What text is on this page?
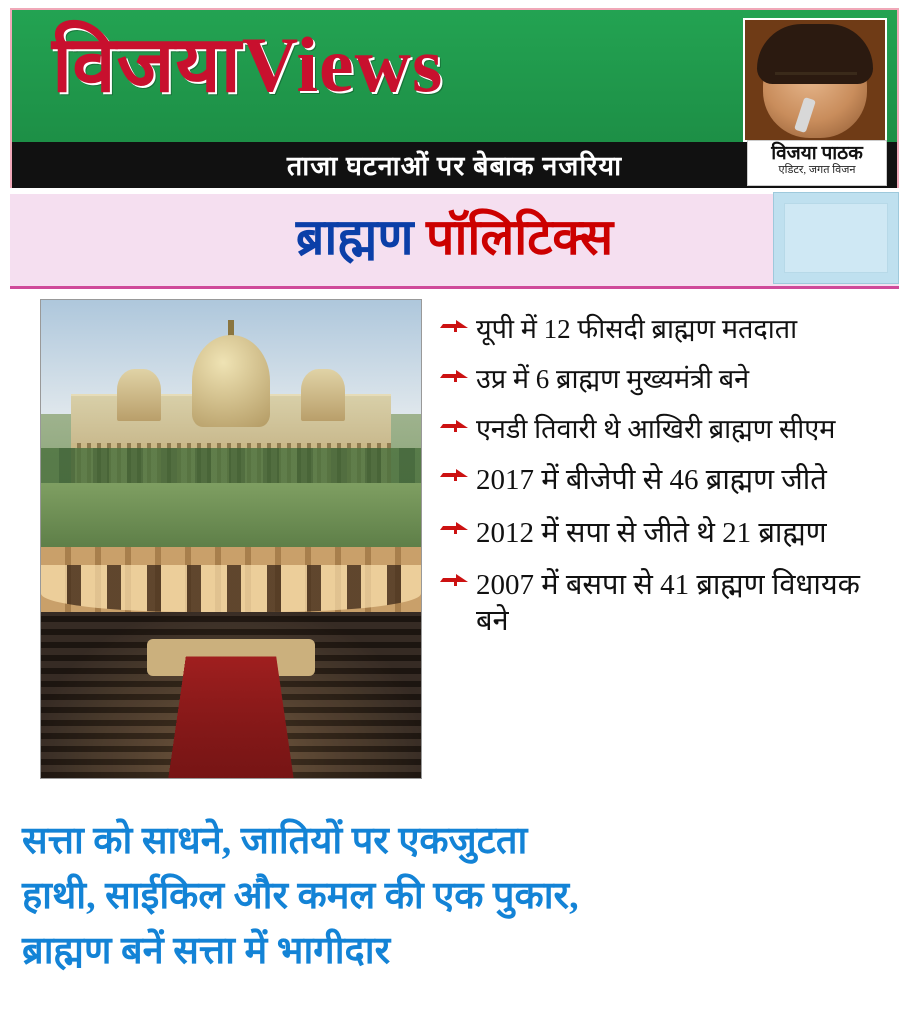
विजयाViews
ताजा घटनाओं पर बेबाक नजरिया	विजया पाठक
एडिटर, जगत विजन
ब्राह्मण पॉलिटिक्स
यूपी में 12 फीसदी ब्राह्मण मतदाता
उप्र में 6 ब्राह्मण मुख्यमंत्री बने
एनडी तिवारी थे आखिरी ब्राह्मण सीएम
2017 में बीजेपी से 46 ब्राह्मण जीते
2012 में सपा से जीते थे 21 ब्राह्मण
2007 में बसपा से 41 ब्राह्मण विधायक बने
सत्ता को साधने, जातियों पर एकजुटता
हाथी, साईकिल और कमल की एक पुकार,
ब्राह्मण बनें सत्ता में भागीदार
